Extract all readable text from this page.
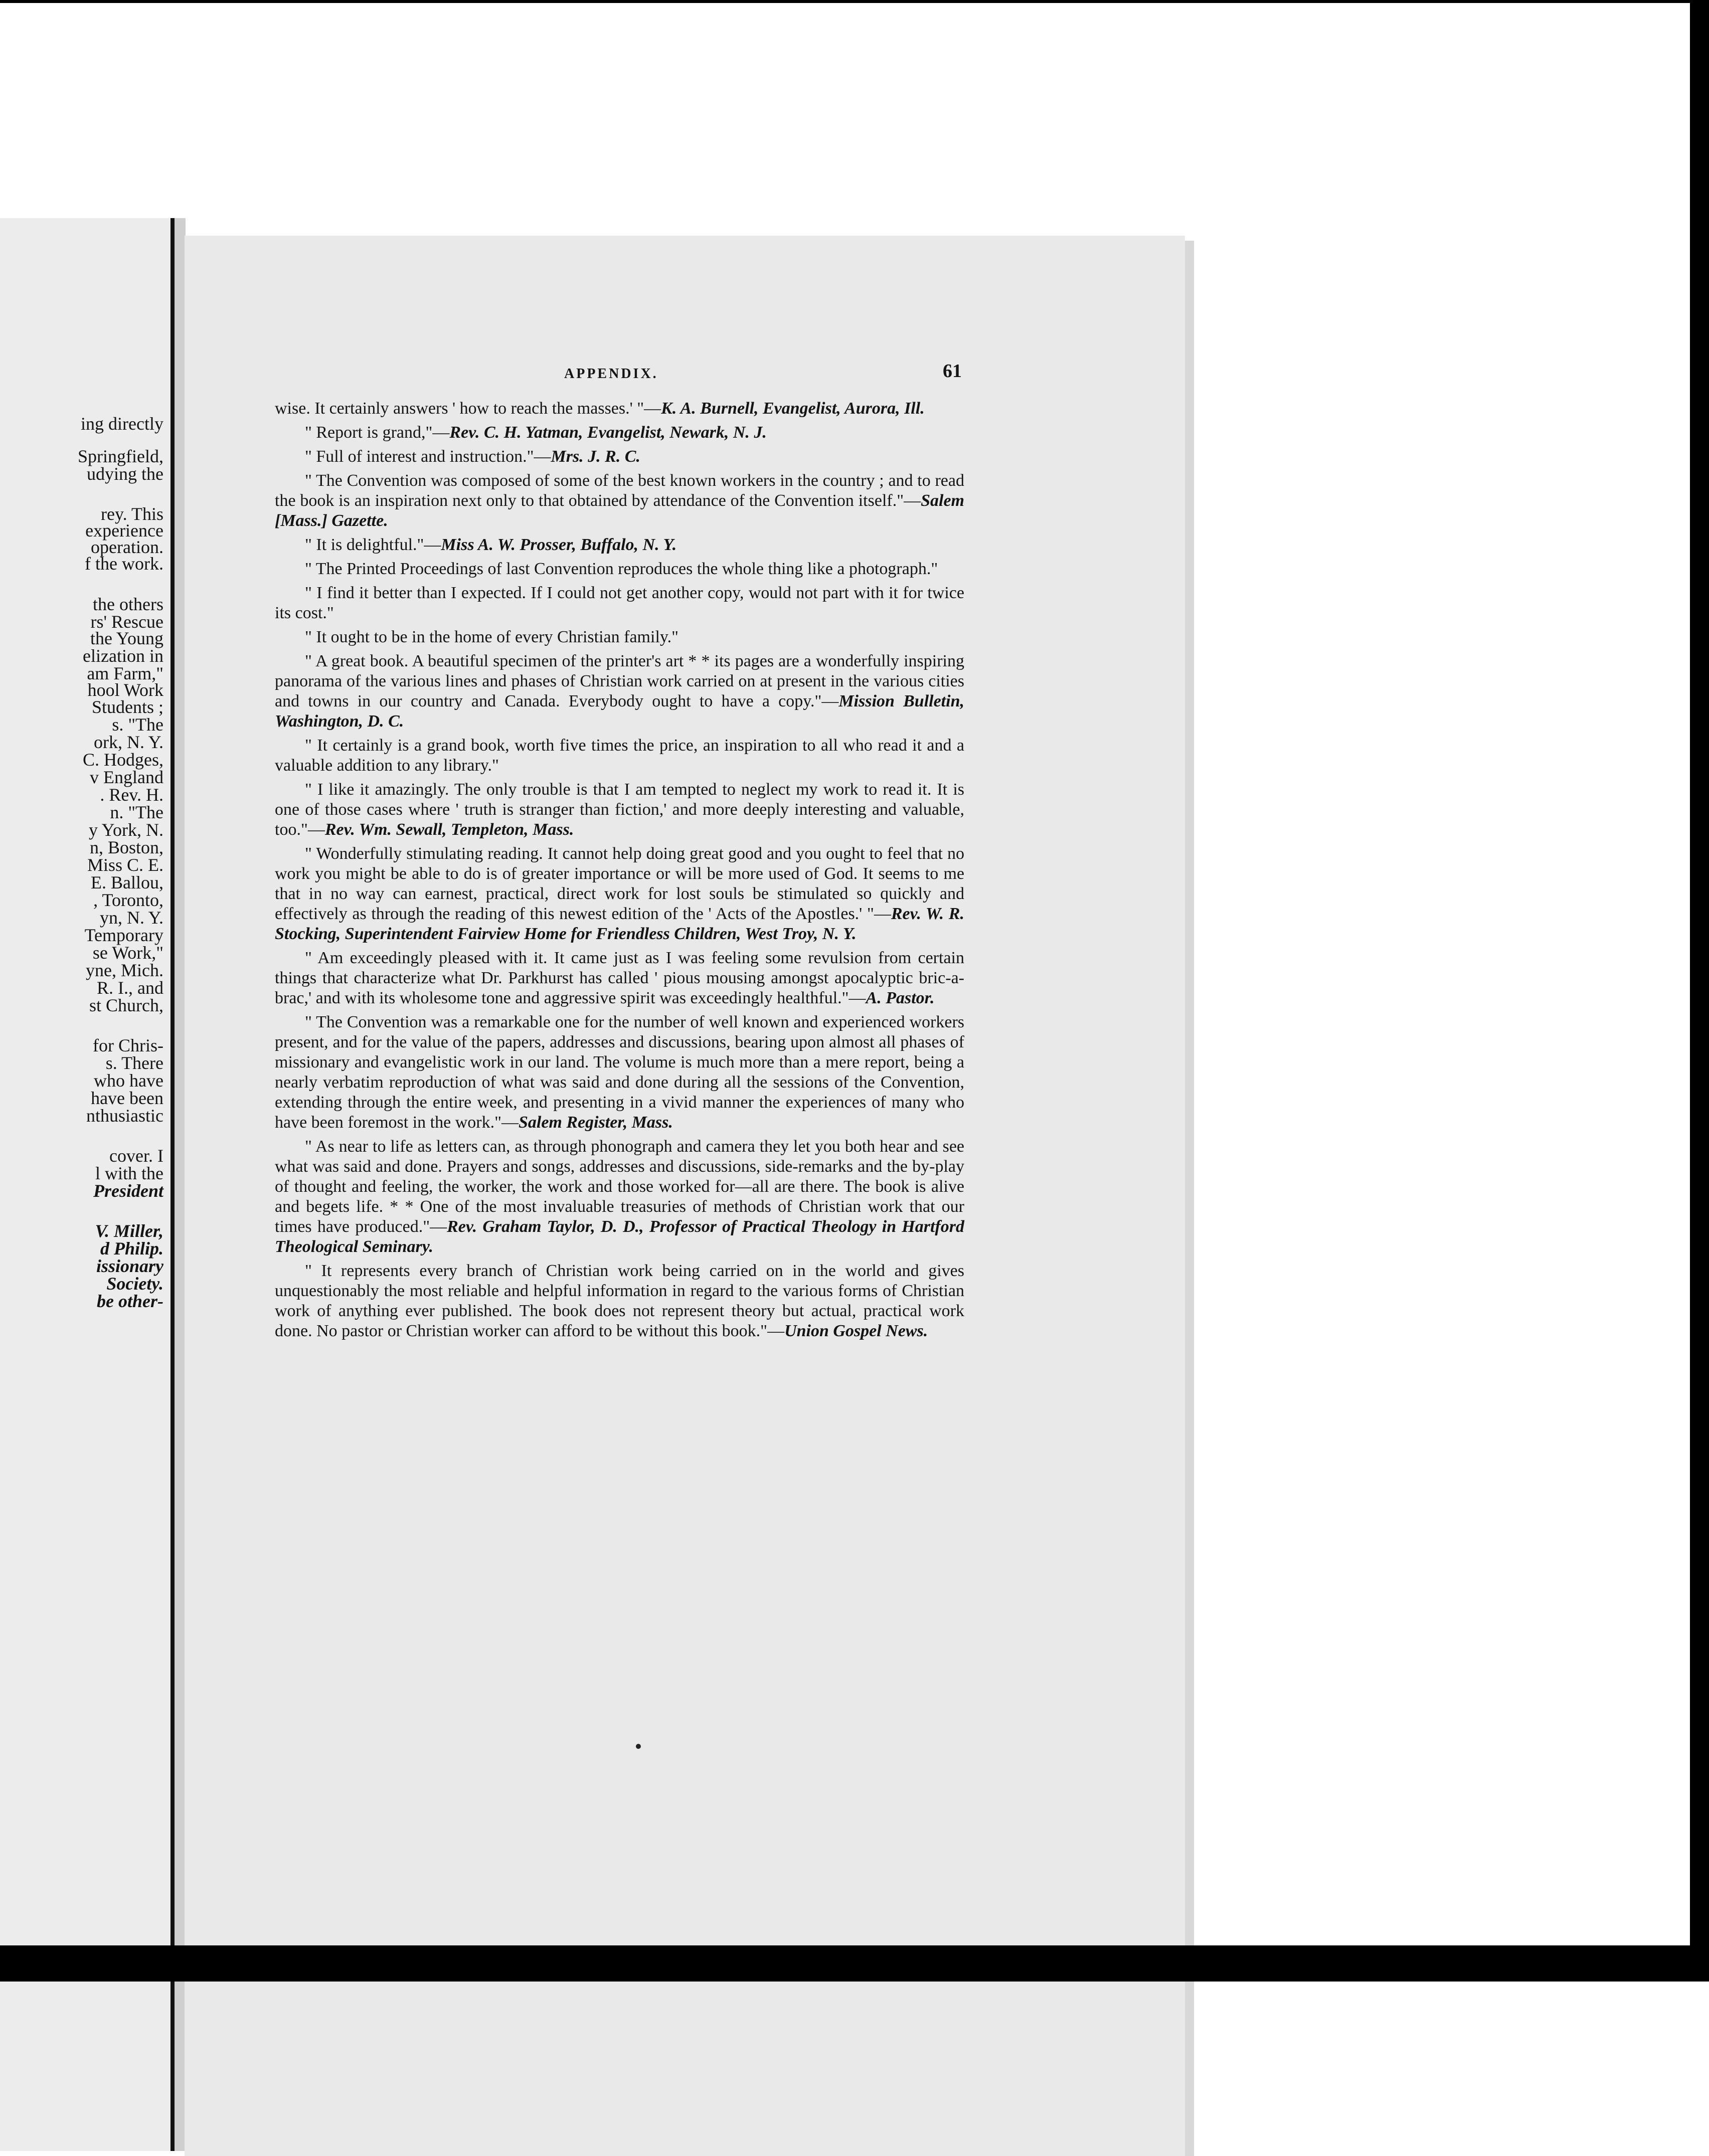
ing directly
Springfield,
udying the
rey. This
experience
operation.
f the work.
the others
rs' Rescue
the Young
elization in
am Farm,"
hool Work
Students ;
s. "The
ork, N. Y.
C. Hodges,
v England
. Rev. H.
n. "The
y York, N.
n, Boston,
Miss C. E.
E. Ballou,
, Toronto,
yn, N. Y.
Temporary
se Work,"
yne, Mich.
R. I., and
st Church,
for Chris-
s. There
who have
have been
nthusiastic
cover. I
l with the
President
V. Miller,
d Philip.
issionary
Society.
be other-
APPENDIX.	61

wise. It certainly answers ' how to reach the masses.' "—K. A. Burnell, Evangelist, Aurora, Ill.

" Report is grand,"—Rev. C. H. Yatman, Evangelist, Newark, N. J.

" Full of interest and instruction."—Mrs. J. R. C.

" The Convention was composed of some of the best known workers in the country ; and to read the book is an inspiration next only to that obtained by attendance of the Convention itself."—Salem [Mass.] Gazette.

" It is delightful."—Miss A. W. Prosser, Buffalo, N. Y.

" The Printed Proceedings of last Convention reproduces the whole thing like a photograph."

" I find it better than I expected. If I could not get another copy, would not part with it for twice its cost."

" It ought to be in the home of every Christian family."

" A great book. A beautiful specimen of the printer's art * * its pages are a wonderfully inspiring panorama of the various lines and phases of Christian work carried on at present in the various cities and towns in our country and Canada. Everybody ought to have a copy."—Mission Bulletin, Washington, D. C.

" It certainly is a grand book, worth five times the price, an inspiration to all who read it and a valuable addition to any library."

" I like it amazingly. The only trouble is that I am tempted to neglect my work to read it. It is one of those cases where ' truth is stranger than fiction,' and more deeply interesting and valuable, too."—Rev. Wm. Sewall, Templeton, Mass.

" Wonderfully stimulating reading. It cannot help doing great good and you ought to feel that no work you might be able to do is of greater importance or will be more used of God. It seems to me that in no way can earnest, practical, direct work for lost souls be stimulated so quickly and effectively as through the reading of this newest edition of the ' Acts of the Apostles.' "—Rev. W. R. Stocking, Superintendent Fairview Home for Friendless Children, West Troy, N. Y.

" Am exceedingly pleased with it. It came just as I was feeling some revulsion from certain things that characterize what Dr. Parkhurst has called ' pious mousing amongst apocalyptic bric-a-brac,' and with its wholesome tone and aggressive spirit was exceedingly healthful."—A. Pastor.

" The Convention was a remarkable one for the number of well known and experienced workers present, and for the value of the papers, addresses and discussions, bearing upon almost all phases of missionary and evangelistic work in our land. The volume is much more than a mere report, being a nearly verbatim reproduction of what was said and done during all the sessions of the Convention, extending through the entire week, and presenting in a vivid manner the experiences of many who have been foremost in the work."—Salem Register, Mass.

" As near to life as letters can, as through phonograph and camera they let you both hear and see what was said and done. Prayers and songs, addresses and discussions, side-remarks and the by-play of thought and feeling, the worker, the work and those worked for—all are there. The book is alive and begets life. * * One of the most invaluable treasuries of methods of Christian work that our times have produced."—Rev. Graham Taylor, D. D., Professor of Practical Theology in Hartford Theological Seminary.

" It represents every branch of Christian work being carried on in the world and gives unquestionably the most reliable and helpful information in regard to the various forms of Christian work of anything ever published. The book does not represent theory but actual, practical work done. No pastor or Christian worker can afford to be without this book."—Union Gospel News.
